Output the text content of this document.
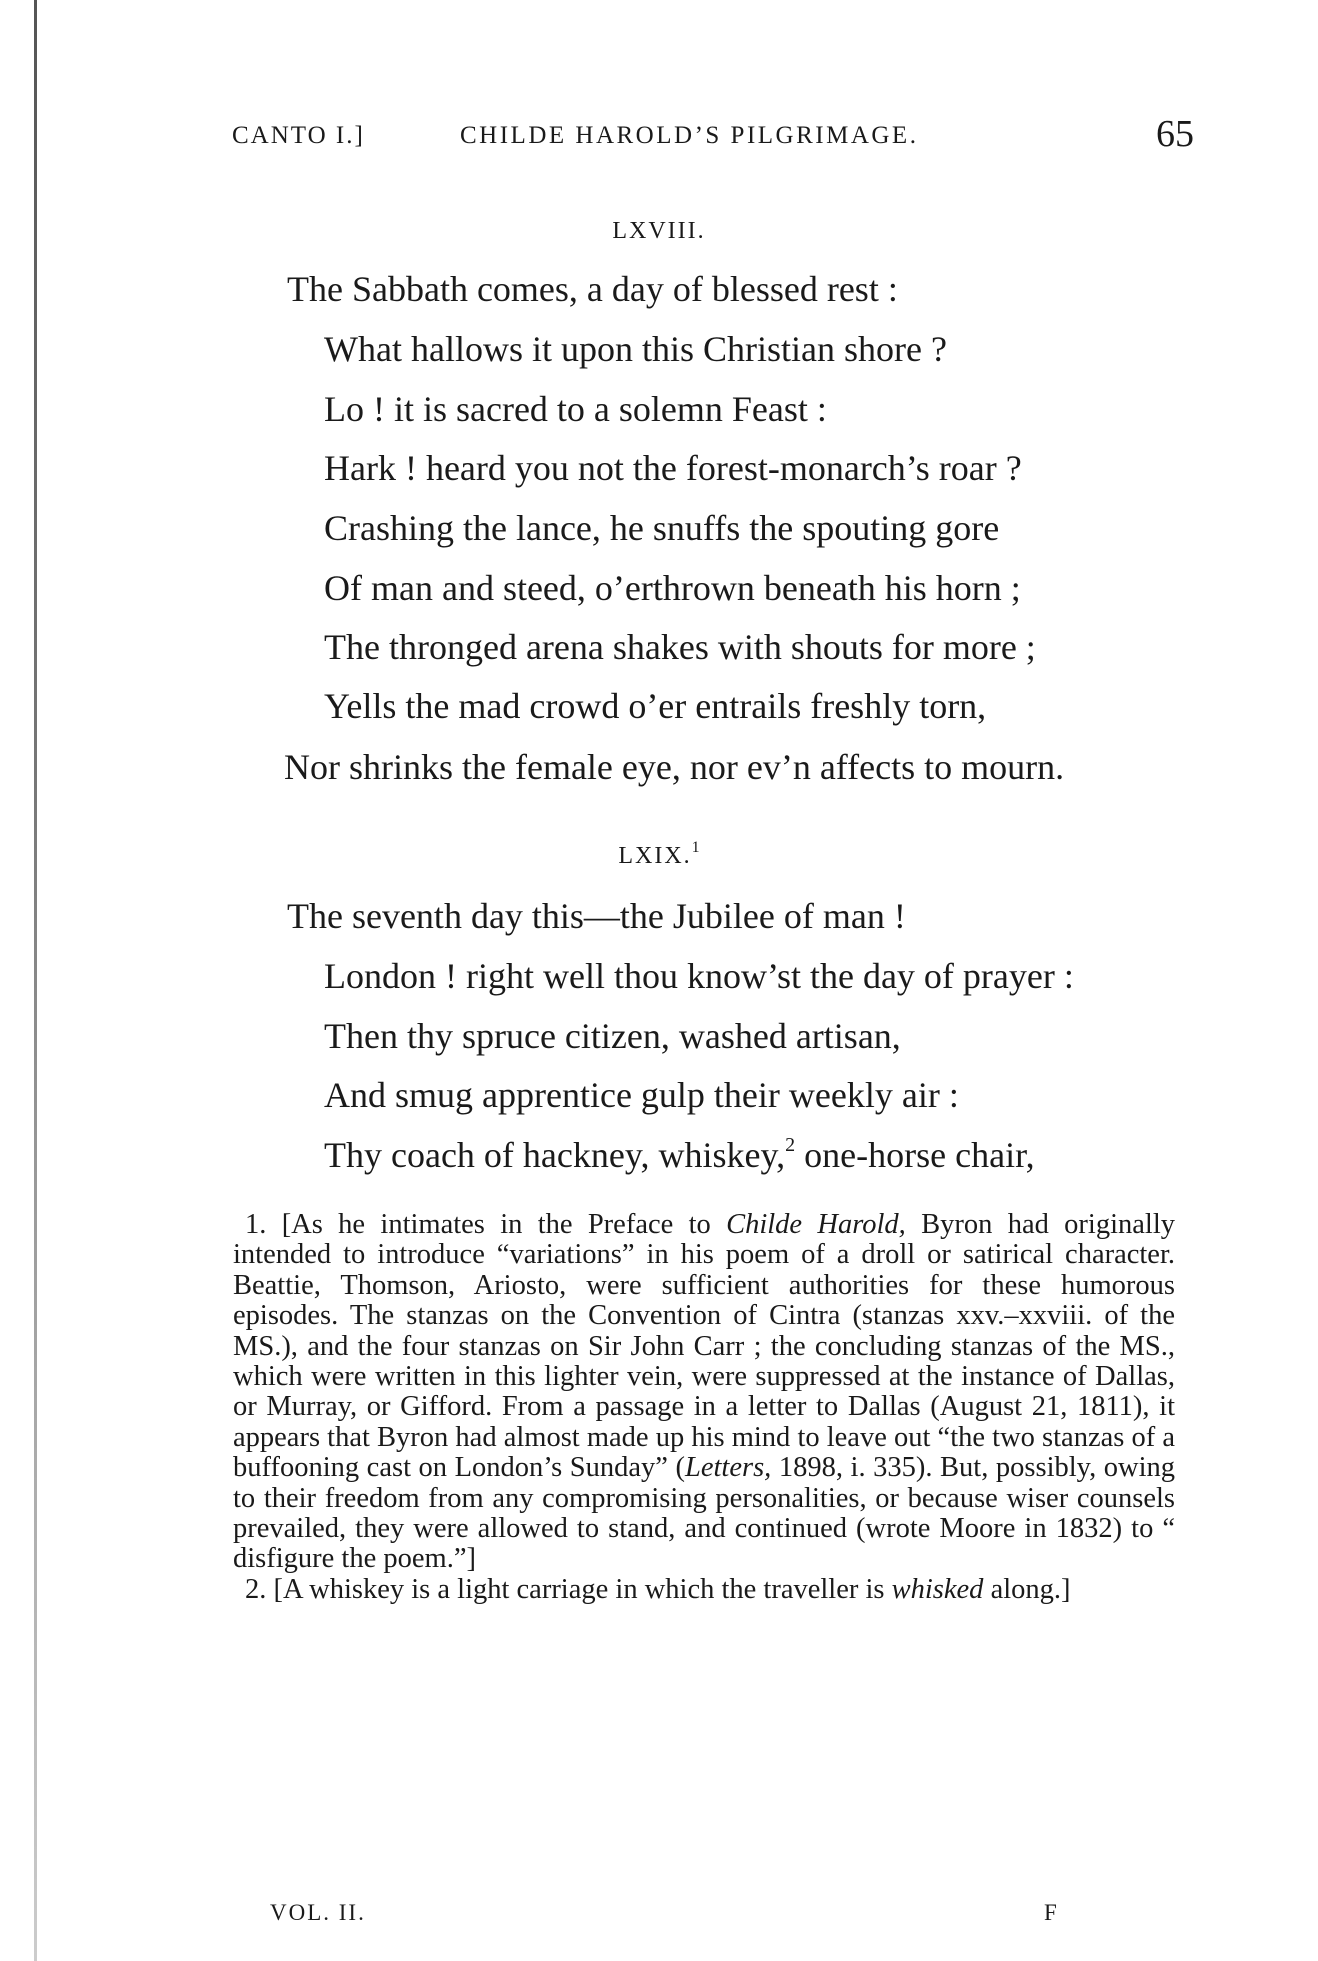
CANTO I.]	CHILDE HAROLD’S PILGRIMAGE.	65
LXVIII.
The Sabbath comes, a day of blessed rest :
What hallows it upon this Christian shore ?
Lo ! it is sacred to a solemn Feast :
Hark ! heard you not the forest-monarch’s roar ?
Crashing the lance, he snuffs the spouting gore
Of man and steed, o’erthrown beneath his horn ;
The thronged arena shakes with shouts for more ;
Yells the mad crowd o’er entrails freshly torn,
Nor shrinks the female eye, nor ev’n affects to mourn.
LXIX.$^1$
The seventh day this—the Jubilee of man !
London ! right well thou know’st the day of prayer :
Then thy spruce citizen, washed artisan,
And smug apprentice gulp their weekly air :
Thy coach of hackney, whiskey,$^2$ one-horse chair,

1. [As he intimates in the Preface to Childe Harold, Byron had originally intended to introduce “variations” in his poem of a droll or satirical character. Beattie, Thomson, Ariosto, were sufficient authorities for these humorous episodes. The stanzas on the Convention of Cintra (stanzas xxv.–xxviii. of the MS.), and the four stanzas on Sir John Carr ; the concluding stanzas of the MS., which were written in this lighter vein, were suppressed at the instance of Dallas, or Murray, or Gifford. From a passage in a letter to Dallas (August 21, 1811), it appears that Byron had almost made up his mind to leave out “the two stanzas of a buffooning cast on London’s Sunday” (Letters, 1898, i. 335). But, possibly, owing to their freedom from any compromising personalities, or because wiser counsels prevailed, they were allowed to stand, and continued (wrote Moore in 1832) to “ disfigure the poem.”]

2. [A whiskey is a light carriage in which the traveller is whisked along.]

VOL. II.	F
